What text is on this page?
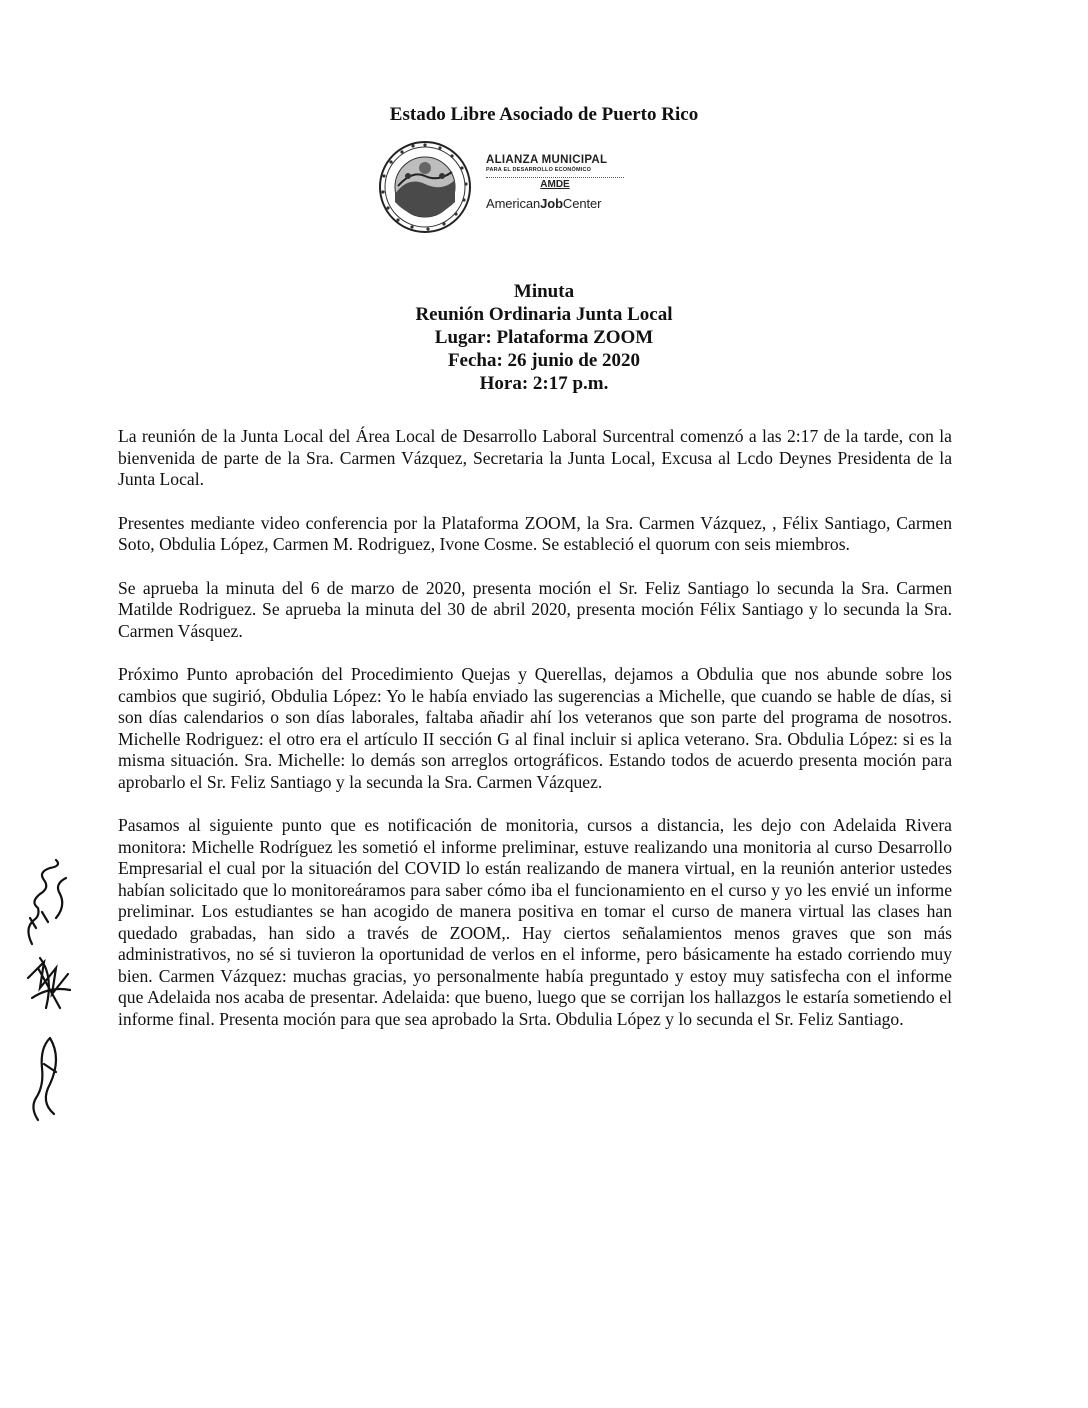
Estado Libre Asociado de Puerto Rico
ALIANZA MUNICIPAL
PARA EL DESARROLLO ECONÓMICO
AMDE
AmericanJobCenter
Minuta
Reunión Ordinaria Junta Local
Lugar: Plataforma ZOOM
Fecha: 26 junio de 2020
Hora: 2:17 p.m.

La reunión de la Junta Local del Área Local de Desarrollo Laboral Surcentral comenzó a las 2:17 de la tarde, con la bienvenida de parte de la Sra. Carmen Vázquez, Secretaria la Junta Local, Excusa al Lcdo Deynes Presidenta de la Junta Local.

Presentes mediante video conferencia por la Plataforma ZOOM, la Sra. Carmen Vázquez, , Félix Santiago, Carmen Soto, Obdulia López, Carmen M. Rodriguez, Ivone Cosme. Se estableció el quorum con seis miembros.

Se aprueba la minuta del 6 de marzo de 2020, presenta moción el Sr. Feliz Santiago lo secunda la Sra. Carmen Matilde Rodriguez. Se aprueba la minuta del 30 de abril 2020, presenta moción Félix Santiago y lo secunda la Sra. Carmen Vásquez.

Próximo Punto aprobación del Procedimiento Quejas y Querellas, dejamos a Obdulia que nos abunde sobre los cambios que sugirió, Obdulia López: Yo le había enviado las sugerencias a Michelle, que cuando se hable de días, si son días calendarios o son días laborales, faltaba añadir ahí los veteranos que son parte del programa de nosotros. Michelle Rodriguez: el otro era el artículo II sección G al final incluir si aplica veterano. Sra. Obdulia López: si es la misma situación. Sra. Michelle: lo demás son arreglos ortográficos. Estando todos de acuerdo presenta moción para aprobarlo el Sr. Feliz Santiago y la secunda la Sra. Carmen Vázquez.

Pasamos al siguiente punto que es notificación de monitoria, cursos a distancia, les dejo con Adelaida Rivera monitora: Michelle Rodríguez les sometió el informe preliminar, estuve realizando una monitoria al curso Desarrollo Empresarial el cual por la situación del COVID lo están realizando de manera virtual, en la reunión anterior ustedes habían solicitado que lo monitoreáramos para saber cómo iba el funcionamiento en el curso y yo les envié un informe preliminar. Los estudiantes se han acogido de manera positiva en tomar el curso de manera virtual las clases han quedado grabadas, han sido a través de ZOOM,. Hay ciertos señalamientos menos graves que son más administrativos, no sé si tuvieron la oportunidad de verlos en el informe, pero básicamente ha estado corriendo muy bien. Carmen Vázquez: muchas gracias, yo personalmente había preguntado y estoy muy satisfecha con el informe que Adelaida nos acaba de presentar. Adelaida: que bueno, luego que se corrijan los hallazgos le estaría sometiendo el informe final. Presenta moción para que sea aprobado la Srta. Obdulia López y lo secunda el Sr. Feliz Santiago.
